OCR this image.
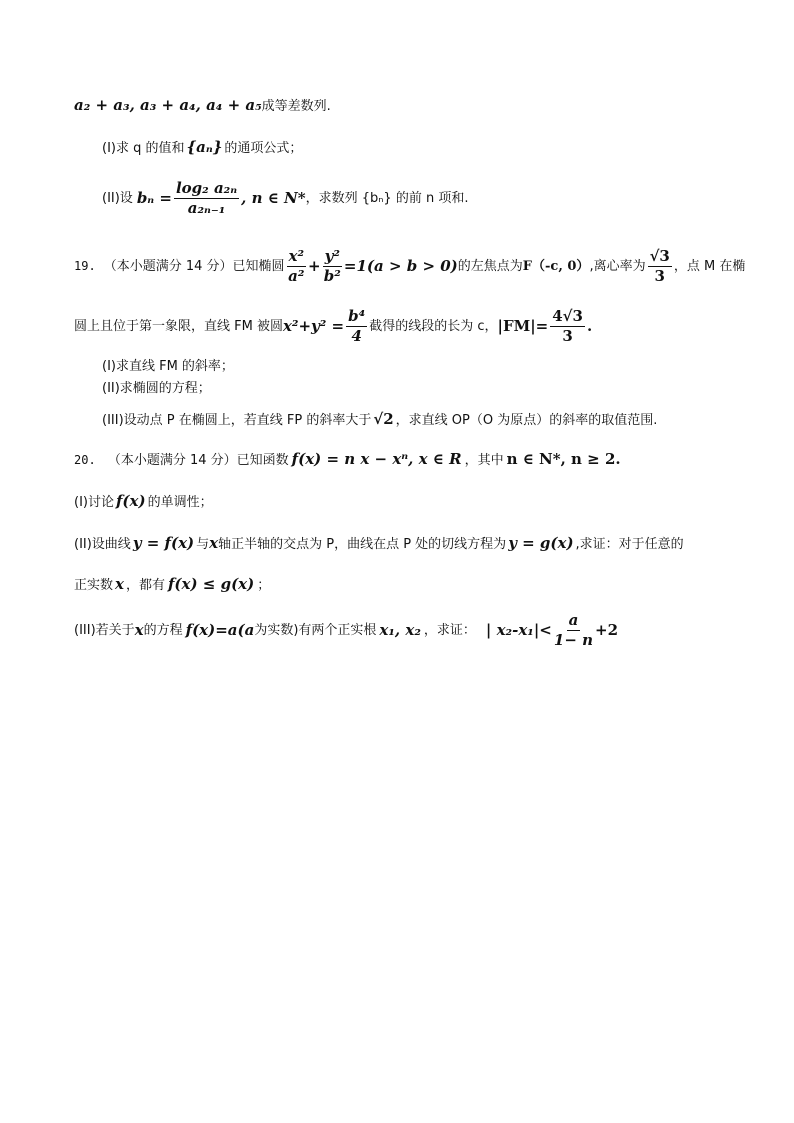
a₂ + a₃, a₃ + a₄, a₄ + a₅成等差数列.
(I)求 q 的值和 {aₙ} 的通项公式；
(II)设 $b_n = \frac{\text{log₂ a₂ₙ}}{\text{a₂ₙ₋₁}}$ , n ∈ N* ，求数列 {bₙ} 的前 n 项和.
19. （本小题满分 14 分） 已知椭圆 $\frac{\text{x²}}{\text{a²}} + \frac{\text{y²}}{\text{b²}} =1(a > b > 0)$ 的左焦点为 F（-c, 0） ,离心率为 $\frac{√3}{3}$ ，点 M 在椭
圆上且位于第一象限，直线 FM 被圆 $x^2+y^2 = \frac{\text{b⁴}}{4}$ 截得的线段的长为 c， $|FM|= \frac{4√3}{3}$ .
(I)求直线 FM 的斜率；
(II)求椭圆的方程；
(III)设动点 P 在椭圆上，若直线 FP 的斜率大于 √2 ，求直线 OP（O 为原点）的斜率的取值范围.
20. （本小题满分 14 分）已知函数 f(x) = n x − xⁿ, x ∈ R ，其中 n ∈ N*, n ≥ 2.
(I)讨论 f(x) 的单调性；
(II)设曲线 y = f(x) 与x轴正半轴的交点为 P，曲线在点 P 处的切线方程为 y = g(x) ,求证：对于任意的
正实数 x ，都有 f(x) ≤ g(x) ；
(III)若关于 x 的方程 f(x)=a(a 为实数) 有两个正实根 x₁, x₂ ，求证： | $x_2-x_1|< \frac{a}{1- n} +2$
